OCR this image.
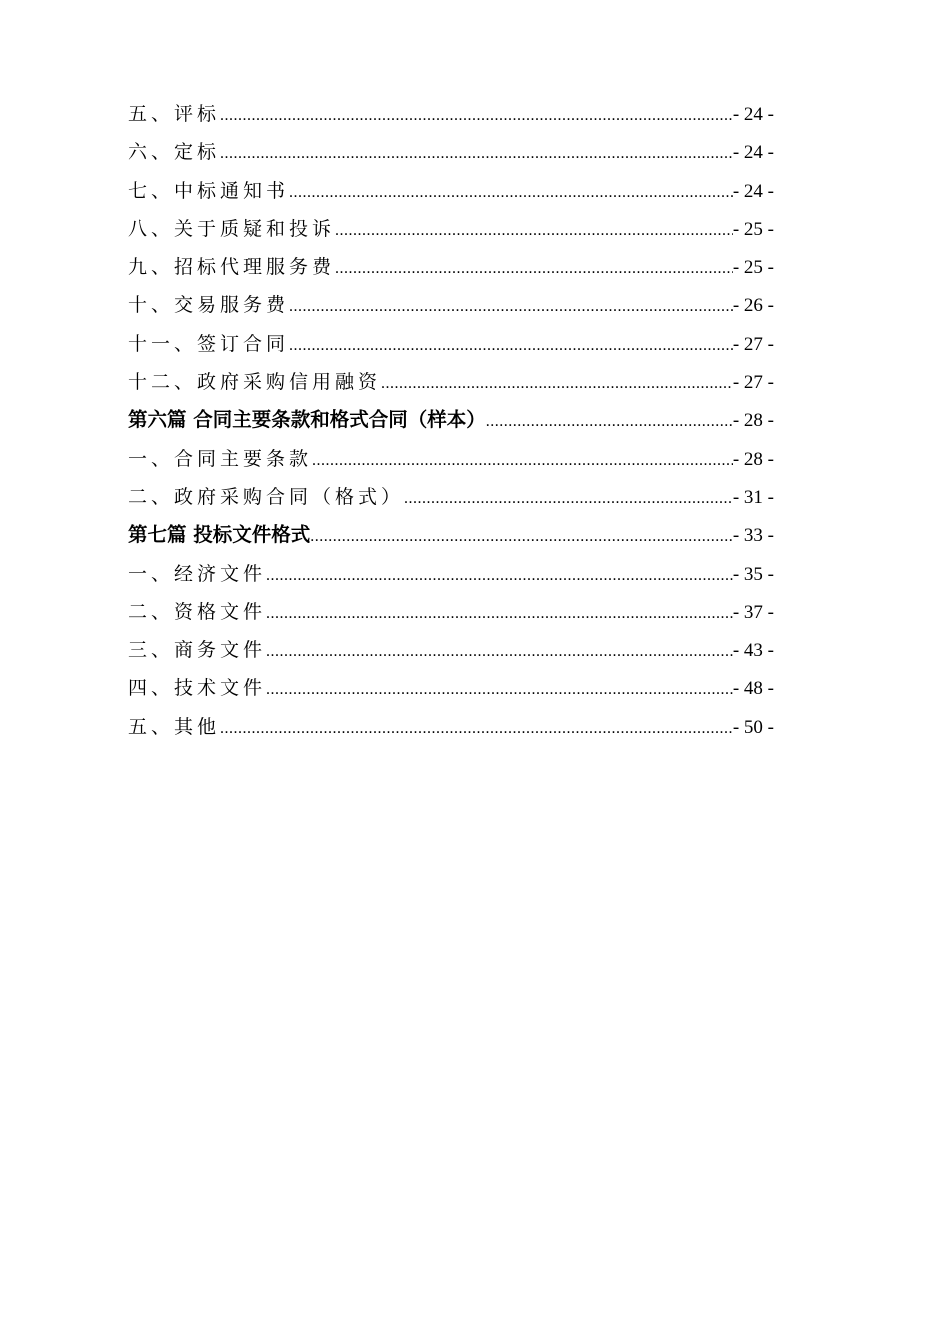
五、评标 .....	- 24 -
六、定标 .....	- 24 -
七、中标通知书 .....	- 24 -
八、关于质疑和投诉 .....	- 25 -
九、招标代理服务费 .....	- 25 -
十、交易服务费 .....	- 26 -
十一、签订合同 .....	- 27 -
十二、政府采购信用融资 .....	- 27 -
第六篇 合同主要条款和格式合同（样本） .....	- 28 -
一、合同主要条款 .....	- 28 -
二、政府采购合同（格式） .....	- 31 -
第七篇 投标文件格式 .....	- 33 -
一、经济文件 .....	- 35 -
二、资格文件 .....	- 37 -
三、商务文件 .....	- 43 -
四、技术文件 .....	- 48 -
五、其他 .....	- 50 -
